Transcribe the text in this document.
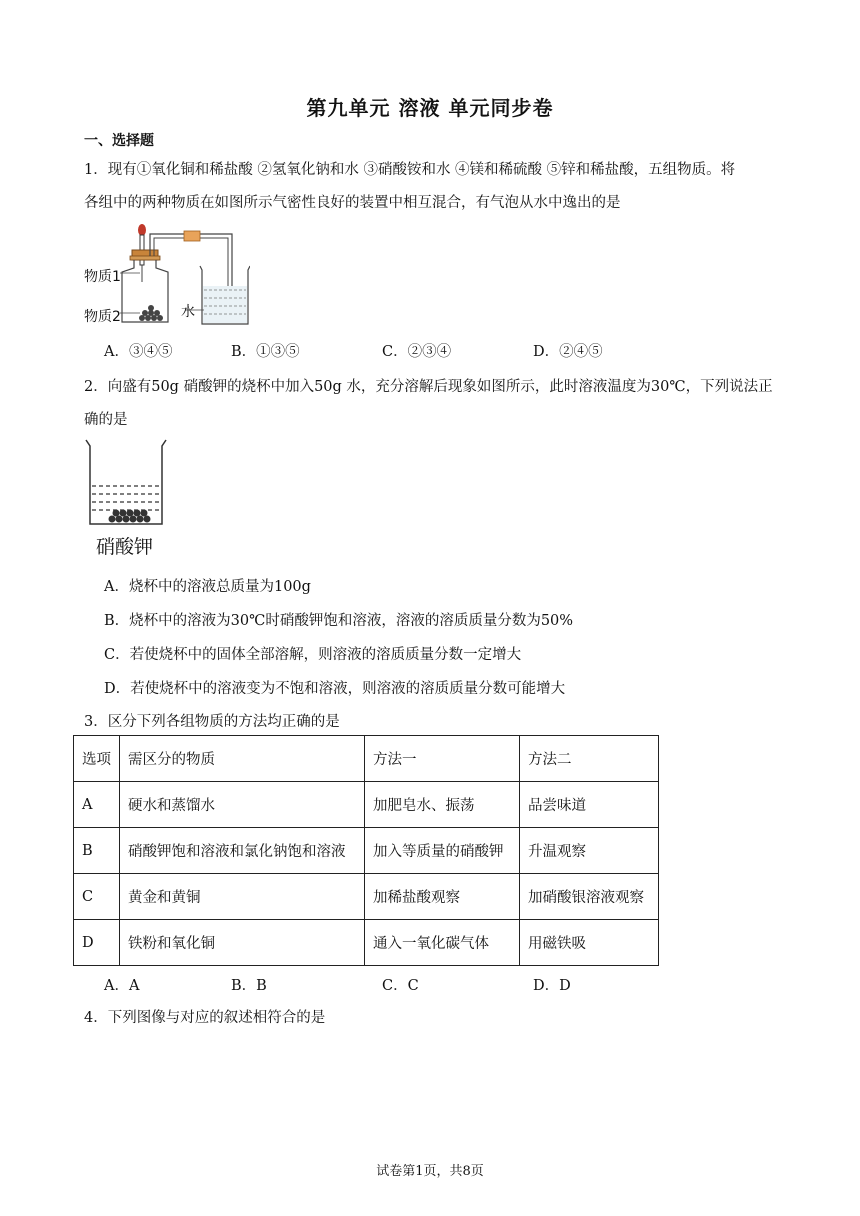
第九单元 溶液 单元同步卷
一、选择题
1．现有①氧化铜和稀盐酸 ②氢氧化钠和水 ③硝酸铵和水 ④镁和稀硫酸 ⑤锌和稀盐酸，五组物质。将
各组中的两种物质在如图所示气密性良好的装置中相互混合，有气泡从水中逸出的是
物质1
物质2	水
A．③④⑤	B．①③⑤	C．②③④	D．②④⑤
2．向盛有50g 硝酸钾的烧杯中加入50g 水，充分溶解后现象如图所示，此时溶液温度为30℃，下列说法正
确的是
硝酸钾
A．烧杯中的溶液总质量为100g
B．烧杯中的溶液为30℃时硝酸钾饱和溶液，溶液的溶质质量分数为50%
C．若使烧杯中的固体全部溶解，则溶液的溶质质量分数一定增大
D．若使烧杯中的溶液变为不饱和溶液，则溶液的溶质质量分数可能增大
3．区分下列各组物质的方法均正确的是
选项	需区分的物质	方法一	方法二
A	硬水和蒸馏水	加肥皂水、振荡	品尝味道
B	硝酸钾饱和溶液和氯化钠饱和溶液	加入等质量的硝酸钾	升温观察
C	黄金和黄铜	加稀盐酸观察	加硝酸银溶液观察
D	铁粉和氧化铜	通入一氧化碳气体	用磁铁吸
A．A	B．B	C．C	D．D
4．下列图像与对应的叙述相符合的是
试卷第1页，共8页
